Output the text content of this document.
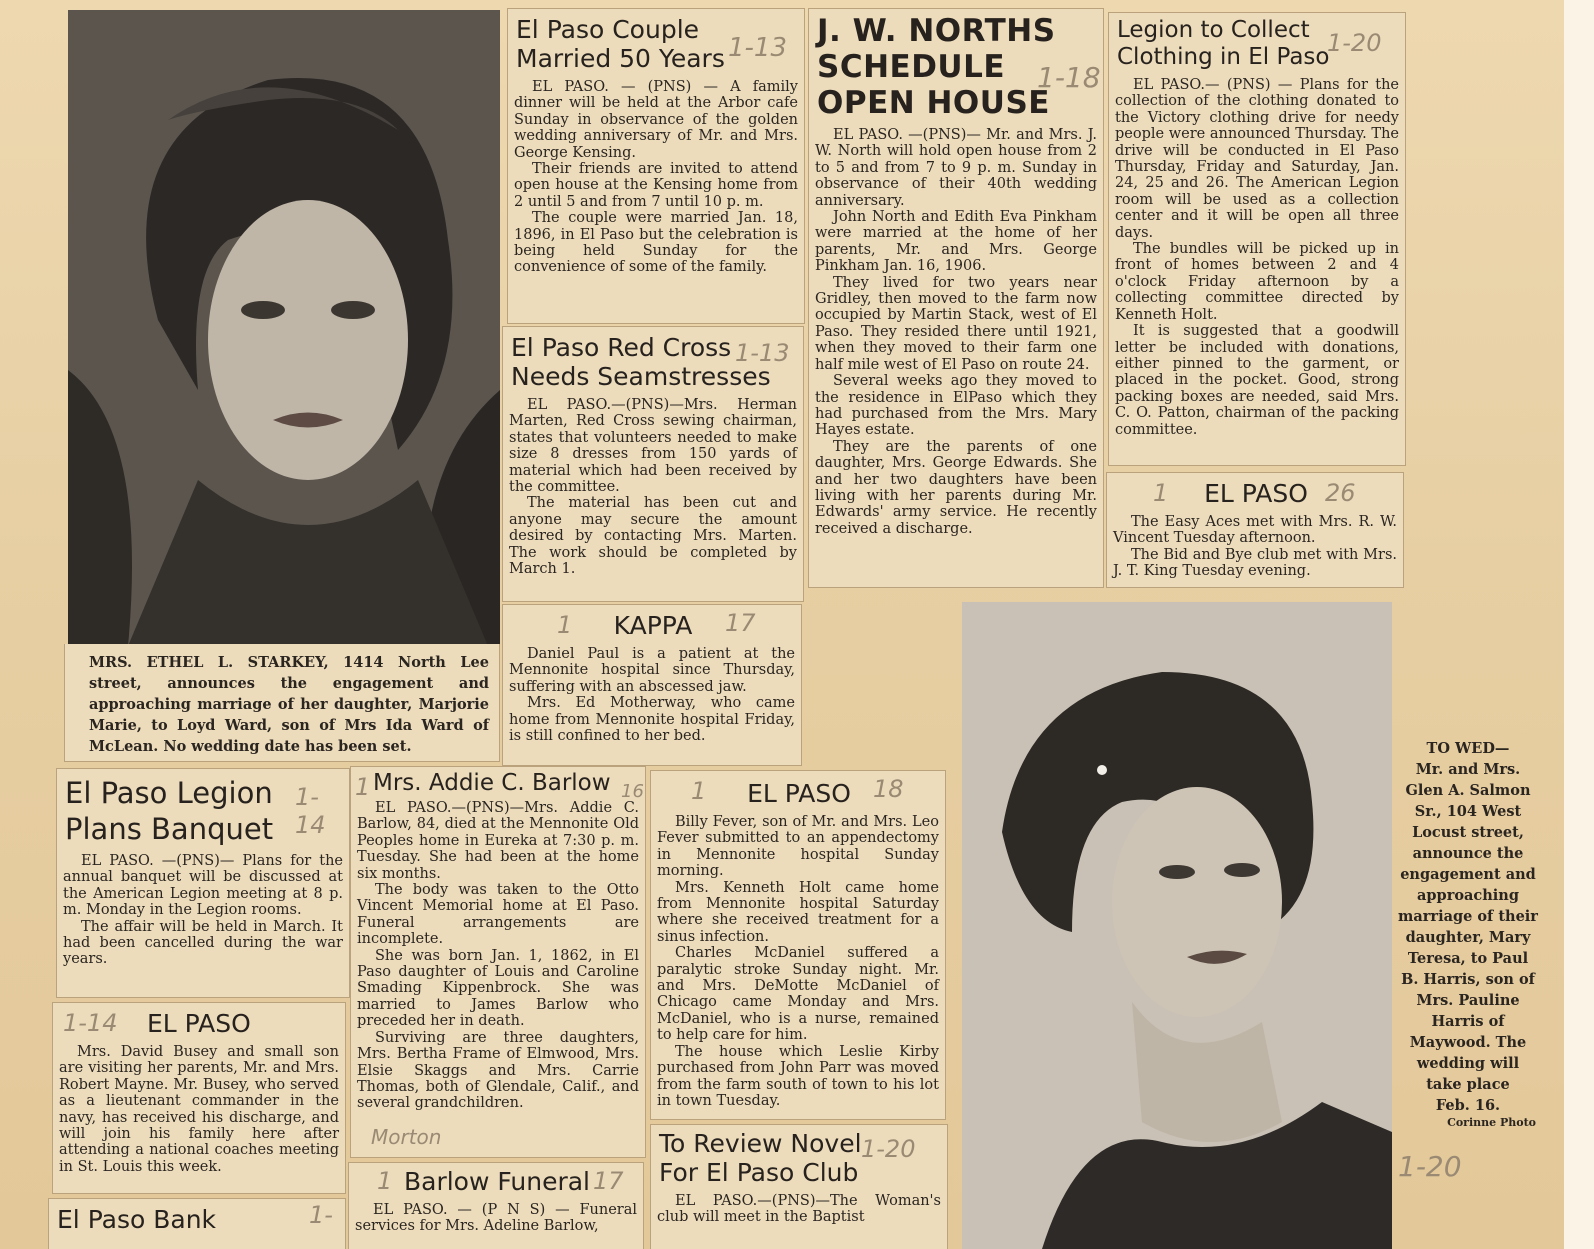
MRS. ETHEL L. STARKEY, 1414 North Lee street, announces the engagement and approaching marriage of her daughter, Marjorie Marie, to Loyd Ward, son of Mrs Ida Ward of McLean. No wedding date has been set.
El Paso Couple
Married 50 Years

EL PASO. — (PNS) — A family dinner will be held at the Arbor cafe Sunday in observance of the golden wedding anniversary of Mr. and Mrs. George Kensing.

Their friends are invited to attend open house at the Kensing home from 2 until 5 and from 7 until 10 p. m.

The couple were married Jan. 18, 1896, in El Paso but the celebration is being held Sunday for the convenience of some of the family.

1-13
El Paso Red Cross
Needs Seamstresses

EL PASO.—(PNS)—Mrs. Herman Marten, Red Cross sewing chairman, states that volunteers needed to make size 8 dresses from 150 yards of material which had been received by the committee.

The material has been cut and anyone may secure the amount desired by contacting Mrs. Marten. The work should be completed by March 1.

1-13
J. W. NORTHS
SCHEDULE
OPEN HOUSE

EL PASO. —(PNS)— Mr. and Mrs. J. W. North will hold open house from 2 to 5 and from 7 to 9 p. m. Sunday in observance of their 40th wedding anniversary.

John North and Edith Eva Pinkham were married at the home of her parents, Mr. and Mrs. George Pinkham Jan. 16, 1906.

They lived for two years near Gridley, then moved to the farm now occupied by Martin Stack, west of El Paso. They resided there until 1921, when they moved to their farm one half mile west of El Paso on route 24.

Several weeks ago they moved to the residence in ElPaso which they had purchased from the Mrs. Mary Hayes estate.

They are the parents of one daughter, Mrs. George Edwards. She and her two daughters have been living with her parents during Mr. Edwards' army service. He recently received a discharge.

1-18
Legion to Collect
Clothing in El Paso

EL PASO.— (PNS) — Plans for the collection of the clothing donated to the Victory clothing drive for needy people were announced Thursday. The drive will be conducted in El Paso Thursday, Friday and Saturday, Jan. 24, 25 and 26. The American Legion room will be used as a collection center and it will be open all three days.

The bundles will be picked up in front of homes between 2 and 4 o'clock Friday afternoon by a collecting committee directed by Kenneth Holt.

It is suggested that a goodwill letter be included with donations, either pinned to the garment, or placed in the pocket. Good, strong packing boxes are needed, said Mrs. C. O. Patton, chairman of the packing committee.

1-20
EL PASO

The Easy Aces met with Mrs. R. W. Vincent Tuesday afternoon.

The Bid and Bye club met with Mrs. J. T. King Tuesday evening.

1	26
KAPPA

Daniel Paul is a patient at the Mennonite hospital since Thursday, suffering with an abscessed jaw.

Mrs. Ed Motherway, who came home from Mennonite hospital Friday, is still confined to her bed.

1	17
El Paso Legion
Plans Banquet

EL PASO. —(PNS)— Plans for the annual banquet will be discussed at the American Legion meeting at 8 p. m. Monday in the Legion rooms.

The affair will be held in March. It had been cancelled during the war years.

1-14
EL PASO

Mrs. David Busey and small son are visiting her parents, Mr. and Mrs. Robert Mayne. Mr. Busey, who served as a lieutenant commander in the navy, has received his discharge, and will join his family here after attending a national coaches meeting in St. Louis this week.

1-14
El Paso Bank	1-
Mrs. Addie C. Barlow

EL PASO.—(PNS)—Mrs. Addie C. Barlow, 84, died at the Mennonite Old Peoples home in Eureka at 7:30 p. m. Tuesday. She had been at the home six months.

The body was taken to the Otto Vincent Memorial home at El Paso. Funeral arrangements are incomplete.

She was born Jan. 1, 1862, in El Paso daughter of Louis and Caroline Smading Kippenbrock. She was married to James Barlow who preceded her in death.

Surviving are three daughters, Mrs. Bertha Frame of Elmwood, Mrs. Elsie Skaggs and Mrs. Carrie Thomas, both of Glendale, Calif., and several grandchildren.

1	16
Morton
Barlow Funeral

EL PASO. — (P N S) — Funeral services for Mrs. Adeline Barlow,

1	17
EL PASO

Billy Fever, son of Mr. and Mrs. Leo Fever submitted to an appendectomy in Mennonite hospital Sunday morning.

Mrs. Kenneth Holt came home from Mennonite hospital Saturday where she received treatment for a sinus infection.

Charles McDaniel suffered a paralytic stroke Sunday night. Mr. and Mrs. DeMotte McDaniel of Chicago came Monday and Mrs. McDaniel, who is a nurse, remained to help care for him.

The house which Leslie Kirby purchased from John Parr was moved from the farm south of town to his lot in town Tuesday.

1	18
To Review Novel
For El Paso Club

EL PASO.—(PNS)—The Woman's club will meet in the Baptist

1-20
TO WED—
Mr. and Mrs.
Glen A. Salmon
Sr., 104 West
Locust street,
announce the
engagement and
approaching
marriage of their
daughter, Mary
Teresa, to Paul
B. Harris, son of
Mrs. Pauline
Harris of
Maywood. The
wedding will
take place
Feb. 16.
Corinne Photo
1-20
